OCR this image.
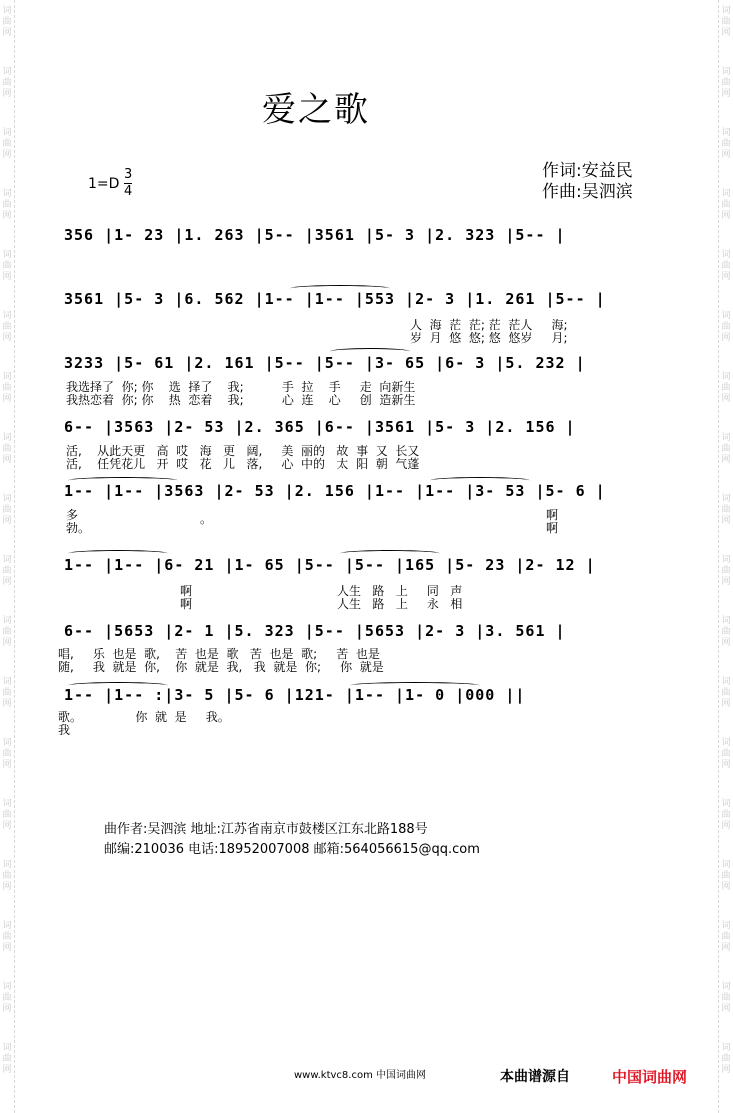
词
曲
网
词
曲
网
词
曲
网
词
曲
网
词
曲
网
词
曲
网
词
曲
网
词
曲
网
词
曲
网
词
曲
网
词
曲
网
词
曲
网
词
曲
网
词
曲
网
词
曲
网
词
曲
网
词
曲
网
词
曲
网
词
曲
网
词
曲
网
词
曲
网
词
曲
网
词
曲
网
词
曲
网
词
曲
网
词
曲
网
词
曲
网
词
曲
网
词
曲
网
词
曲
网
词
曲
网
词
曲
网
词
曲
网
词
曲
网
词
曲
网
词
曲
网
爱之歌
作词:安益民
作曲:吴泗滨
1=D
3
4
356 |1- 23 |1. 263 |5-- |3561 |5- 3 |2. 323 |5-- |
3561 |5- 3 |6. 562 |1-- |1-- |553 |2- 3 |1. 261 |5-- |
3233 |5- 61 |2. 161 |5-- |5-- |3- 65 |6- 3 |5. 232 |
6-- |3563 |2- 53 |2. 365 |6-- |3561 |5- 3 |2. 156 |
1-- |1-- |3563 |2- 53 |2. 156 |1-- |1-- |3- 53 |5- 6 |
1-- |1-- |6- 21 |1- 65 |5-- |5-- |165 |5- 23 |2- 12 |
6-- |5653 |2- 1 |5. 323 |5-- |5653 |2- 3 |3. 561 |
1-- |1-- :|3- 5 |5- 6 |121- |1-- |1- 0 |000 ||
人  海  茫  茫; 茫  茫人     海;
岁  月  悠  悠; 悠  悠岁     月;
我选择了  你; 你    选  择了    我;          手  拉    手     走  向新生
我热恋着  你; 你    热  恋着    我;          心  连    心     创  造新生
活,    从此天更   高  哎   海   更   阔,     美  丽的   故  事  又  长又
活,    任凭花儿   开  哎   花   儿   落,     心  中的   太  阳  朝  气蓬
多
勃。
。	啊
啊
啊                                      人生   路   上     同   声
啊                                      人生   路   上     永   相
唱,     乐  也是  歌,    苦  也是  歌   苦  也是  歌;     苦  也是
随,     我  就是  你,    你  就是  我,   我  就是  你;     你  就是
歌。              你  就  是     我。
我
曲作者:吴泗滨 地址:江苏省南京市鼓楼区江东北路188号
邮编:210036 电话:18952007008 邮箱:564056615@qq.com
www.ktvc8.com 中国词曲网	本曲谱源自	中国词曲网
